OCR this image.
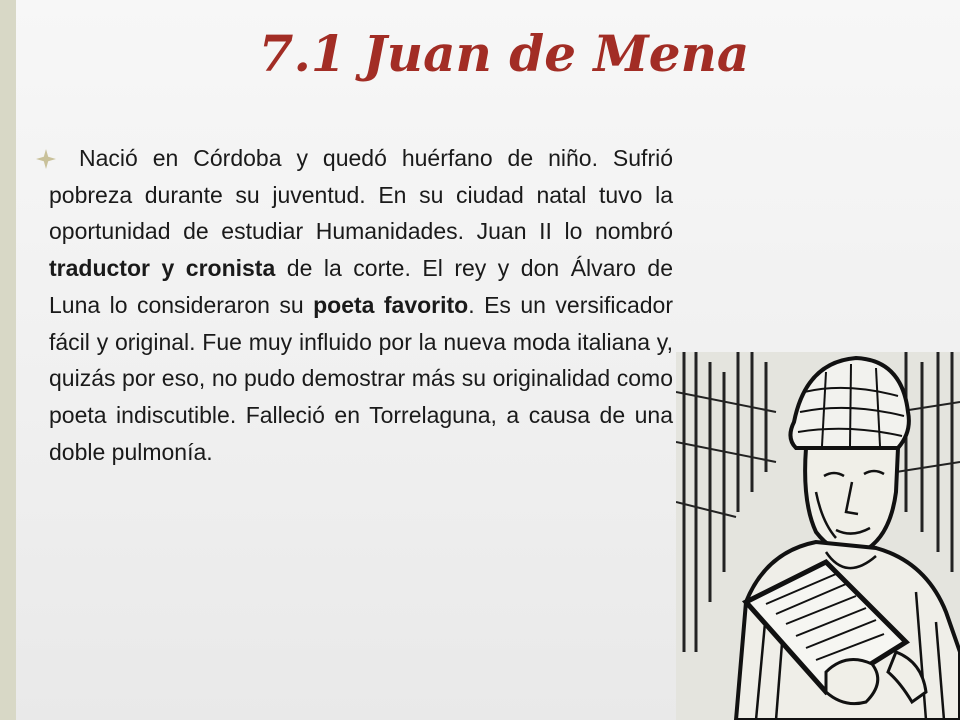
7.1 Juan de Mena

Nació en Córdoba y quedó huérfano de niño. Sufrió pobreza durante su juventud. En su ciudad natal tuvo la oportunidad de estudiar Humanidades. Juan II lo nombró traductor y cronista de la corte. El rey y don Álvaro de Luna lo consideraron su poeta favorito. Es un versificador fácil y original. Fue muy influido por la nueva moda italiana y, quizás por eso, no pudo demostrar más su originalidad como poeta indiscutible. Falleció en Torrelaguna, a causa de una doble pulmonía.
